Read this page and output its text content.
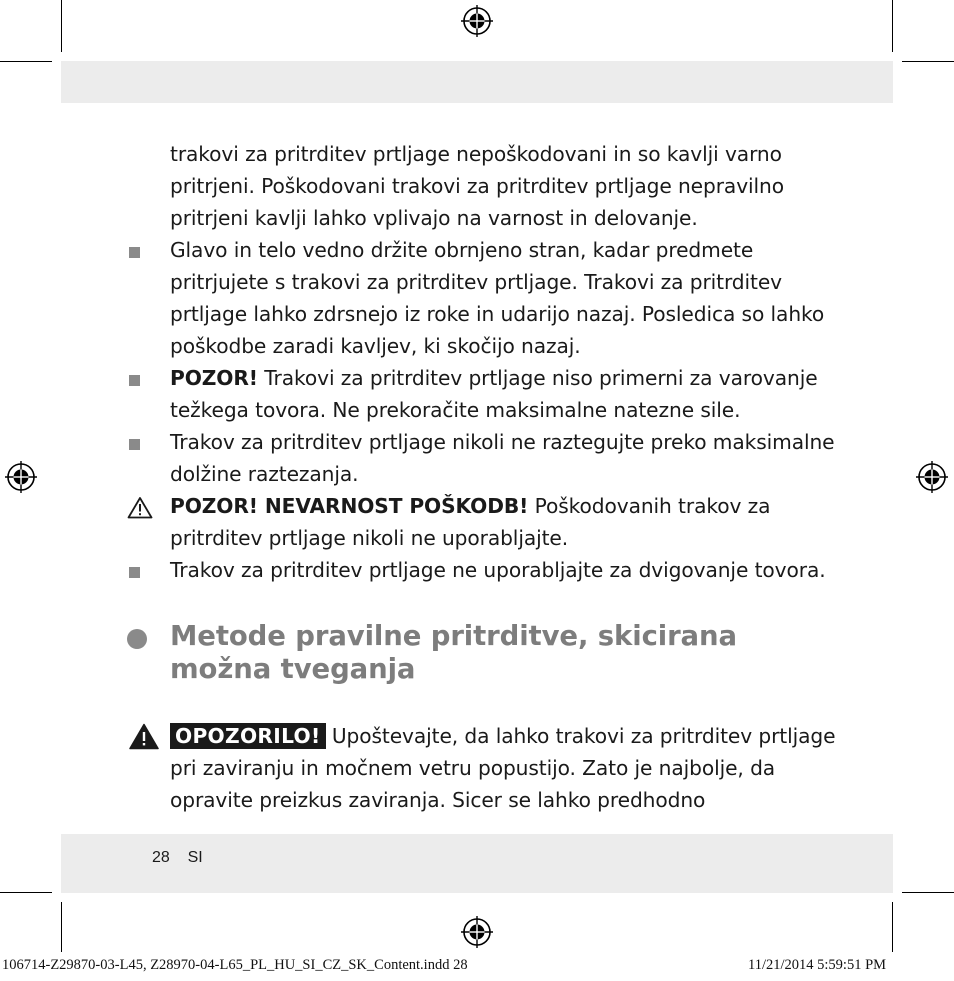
trakovi za pritrditev prtljage nepoškodovani in so kavlji varno pritrjeni. Poškodovani trakovi za pritrditev prtljage nepravilno pritrjeni kavlji lahko vplivajo na varnost in delovanje.

Glavo in telo vedno držite obrnjeno stran, kadar predmete pritrjujete s trakovi za pritrditev prtljage. Trakovi za pritrditev prtljage lahko zdrsnejo iz roke in udarijo nazaj. Posledica so lahko poškodbe zaradi kavljev, ki skočijo nazaj.

POZOR! Trakovi za pritrditev prtljage niso primerni za varovanje težkega tovora. Ne prekoračite maksimalne natezne sile.

Trakov za pritrditev prtljage nikoli ne raztegujte preko maksimalne dolžine raztezanja.

POZOR! NEVARNOST POŠKODB! Poškodovanih trakov za pritrditev prtljage nikoli ne uporabljajte.

Trakov za pritrditev prtljage ne uporabljajte za dvigovanje tovora.

Metode pravilne pritrditve, skicirana možna tveganja

OPOZORILO! Upoštevajte, da lahko trakovi za pritrditev prtljage pri zaviranju in močnem vetru popustijo. Zato je najbolje, da opravite preizkus zaviranja. Sicer se lahko predhodno

28 SI
106714-Z29870-03-L45, Z28970-04-L65_PL_HU_SI_CZ_SK_Content.indd 28	11/21/2014 5:59:51 PM
